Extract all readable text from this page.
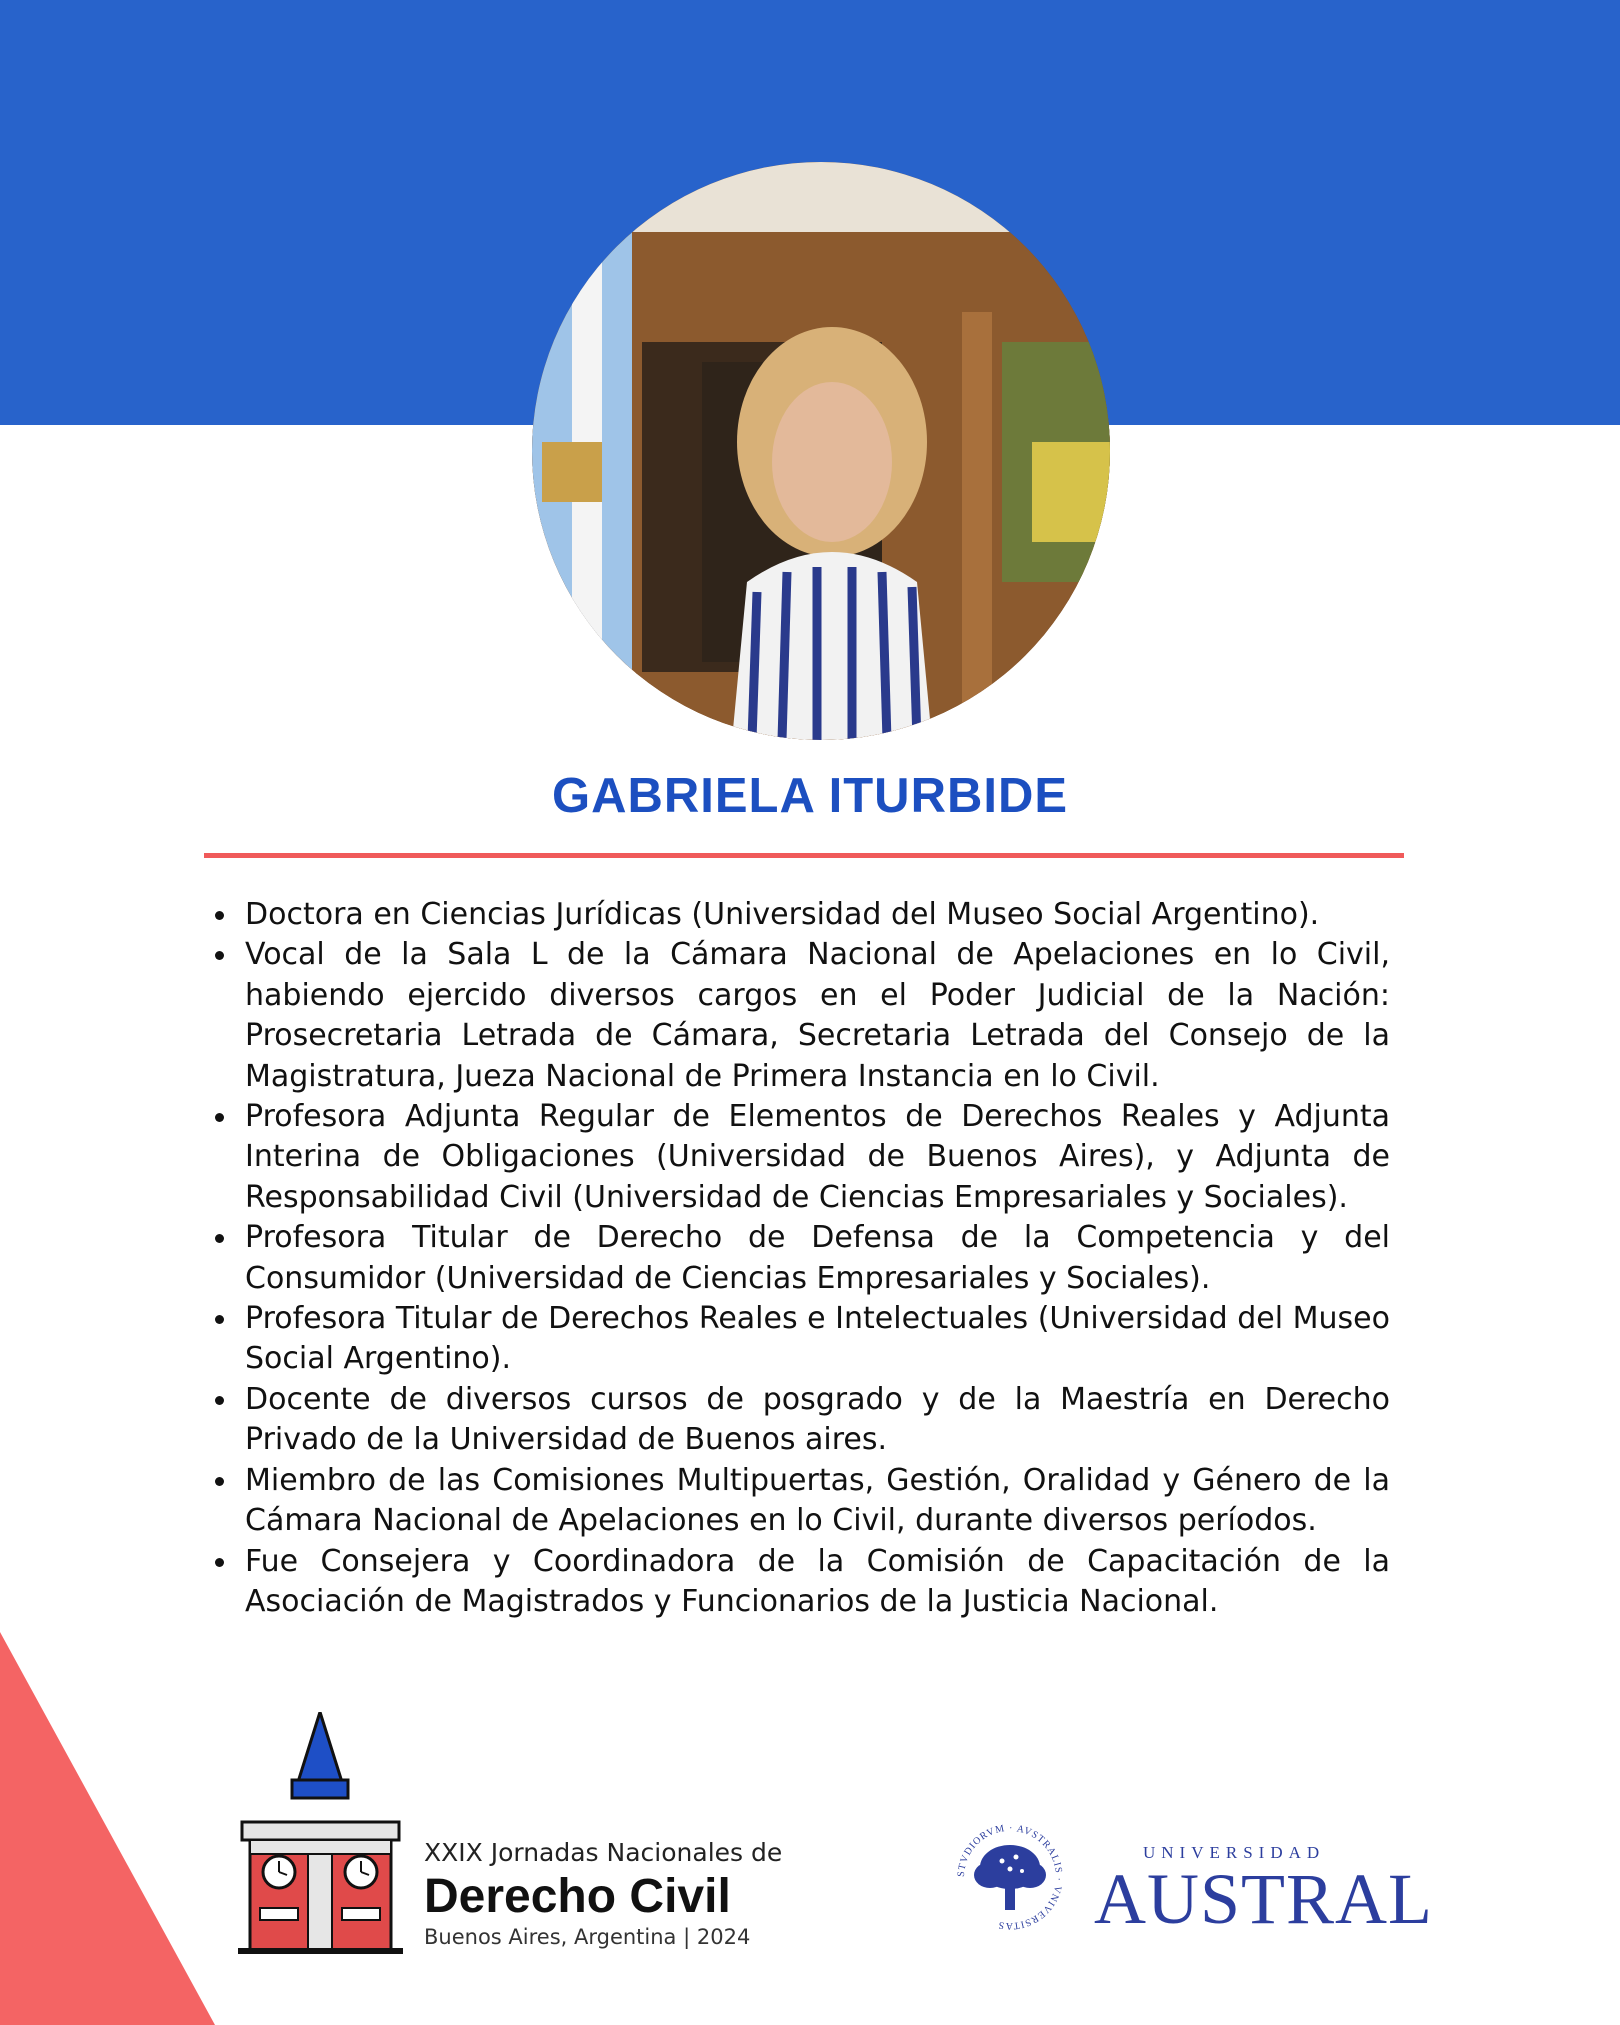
GABRIELA ITURBIDE
Doctora en Ciencias Jurídicas (Universidad del Museo Social Argentino).
Vocal de la Sala L de la Cámara Nacional de Apelaciones en lo Civil, habiendo ejercido diversos cargos en el Poder Judicial de la Nación: Prosecretaria Letrada de Cámara, Secretaria Letrada del Consejo de la Magistratura, Jueza Nacional de Primera Instancia en lo Civil.
Profesora Adjunta Regular de Elementos de Derechos Reales y Adjunta Interina de Obligaciones (Universidad de Buenos Aires), y Adjunta de Responsabilidad Civil (Universidad de Ciencias Empresariales y Sociales).
Profesora Titular de Derecho de Defensa de la Competencia y del Consumidor (Universidad de Ciencias Empresariales y Sociales).
Profesora Titular de Derechos Reales e Intelectuales (Universidad del Museo Social Argentino).
Docente de diversos cursos de posgrado y de la Maestría en Derecho Privado de la Universidad de Buenos aires.
Miembro de las Comisiones Multipuertas, Gestión, Oralidad y Género de la Cámara Nacional de Apelaciones en lo Civil, durante diversos períodos.
Fue Consejera y Coordinadora de la Comisión de Capacitación de la Asociación de Magistrados y Funcionarios de la Justicia Nacional.
XXIX Jornadas Nacionales de
Derecho Civil
Buenos Aires, Argentina | 2024
STVDIORVM · AVSTRALIS · VNIVERSITAS
UNIVERSIDAD
AUSTRAL
